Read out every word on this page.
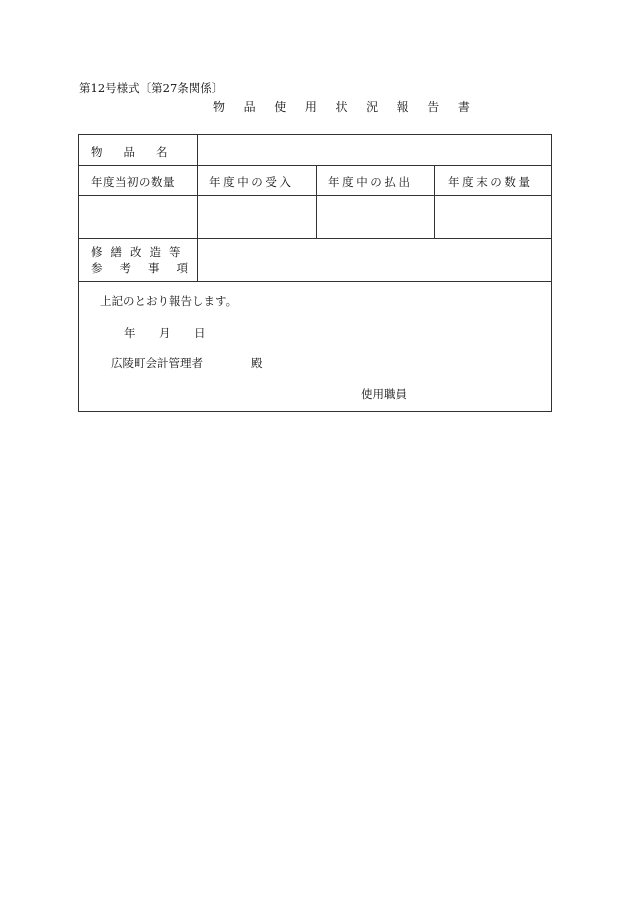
第12号様式〔第27条関係〕
物 品 使 用 状 況 報 告 書
物品名
年度当初の数量	年度中の受入	年度中の払出	年度末の数量
修繕改造等
参考事項
上記のとおり報告します。
年 月 日
広陵町会計管理者	殿
使用職員
